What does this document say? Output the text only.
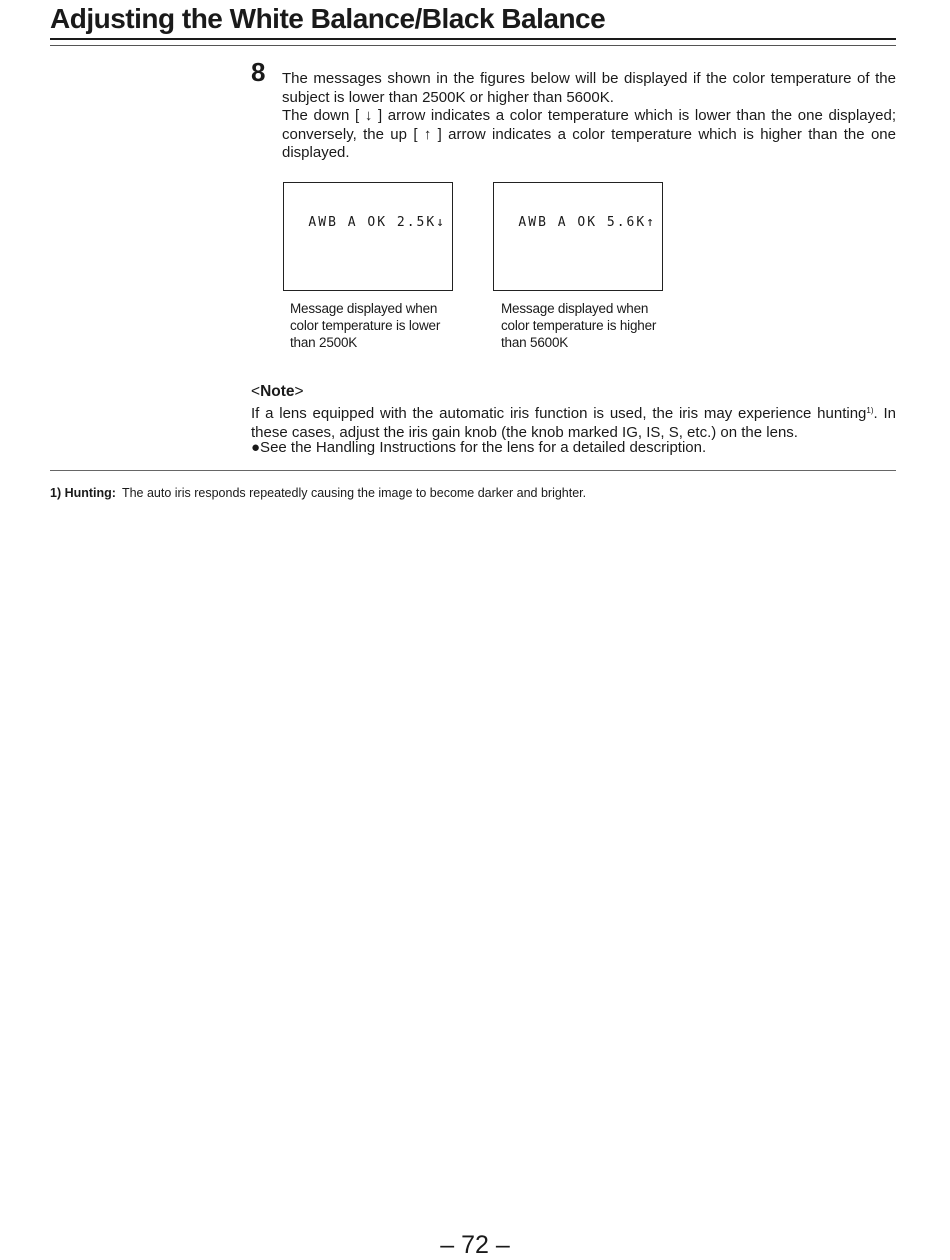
Adjusting the White Balance/Black Balance
8 The messages shown in the figures below will be displayed if the color temperature of the subject is lower than 2500K or higher than 5600K.

The down [ ↓ ] arrow indicates a color temperature which is lower than the one displayed; conversely, the up [ ↑ ] arrow indicates a color temperature which is higher than the one displayed.

AWB A OK 2.5K↓	AWB A OK 5.6K↑
Message displayed when color temperature is lower than 2500K
Message displayed when color temperature is higher than 5600K
<Note>

If a lens equipped with the automatic iris function is used, the iris may experience hunting$^{1)}$. In these cases, adjust the iris gain knob (the knob marked IG, IS, S, etc.) on the lens.

●See the Handling Instructions for the lens for a detailed description.
1) Hunting: The auto iris responds repeatedly causing the image to become darker and brighter.
– 72 –
